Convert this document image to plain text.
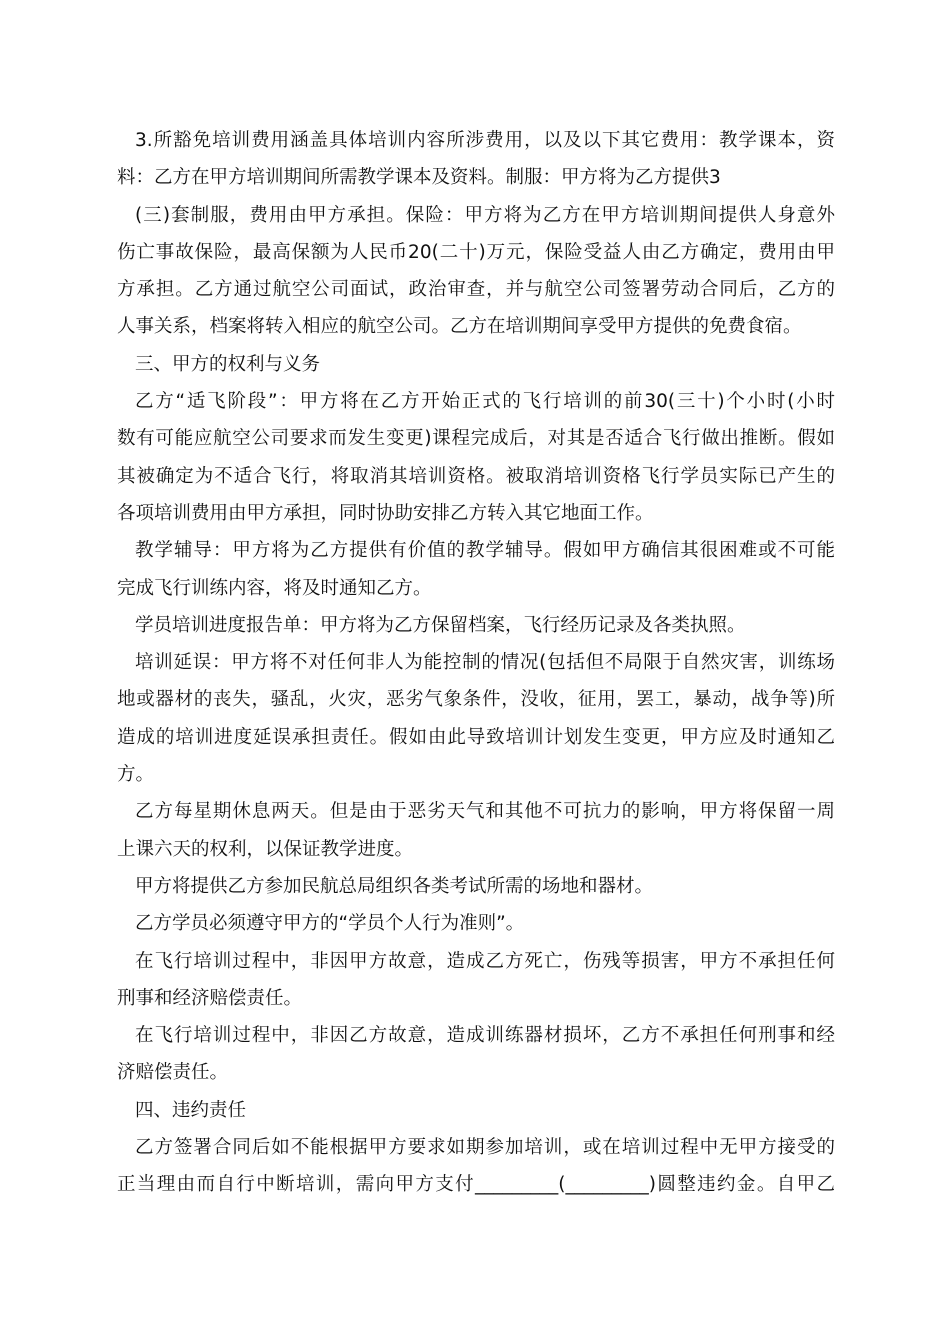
3.所豁免培训费用涵盖具体培训内容所涉费用，以及以下其它费用：教学课本，资
料：乙方在甲方培训期间所需教学课本及资料。制服：甲方将为乙方提供3
(三)套制服，费用由甲方承担。保险：甲方将为乙方在甲方培训期间提供人身意外
伤亡事故保险，最高保额为人民币20(二十)万元，保险受益人由乙方确定，费用由甲
方承担。乙方通过航空公司面试，政治审查，并与航空公司签署劳动合同后，乙方的
人事关系，档案将转入相应的航空公司。乙方在培训期间享受甲方提供的免费食宿。
三、甲方的权利与义务
乙方“适飞阶段”：甲方将在乙方开始正式的飞行培训的前30(三十)个小时(小时
数有可能应航空公司要求而发生变更)课程完成后，对其是否适合飞行做出推断。假如
其被确定为不适合飞行，将取消其培训资格。被取消培训资格飞行学员实际已产生的
各项培训费用由甲方承担，同时协助安排乙方转入其它地面工作。
教学辅导：甲方将为乙方提供有价值的教学辅导。假如甲方确信其很困难或不可能
完成飞行训练内容，将及时通知乙方。
学员培训进度报告单：甲方将为乙方保留档案，飞行经历记录及各类执照。
培训延误：甲方将不对任何非人为能控制的情况(包括但不局限于自然灾害，训练场
地或器材的丧失，骚乱，火灾，恶劣气象条件，没收，征用，罢工，暴动，战争等)所
造成的培训进度延误承担责任。假如由此导致培训计划发生变更，甲方应及时通知乙
方。
乙方每星期休息两天。但是由于恶劣天气和其他不可抗力的影响，甲方将保留一周
上课六天的权利，以保证教学进度。
甲方将提供乙方参加民航总局组织各类考试所需的场地和器材。
乙方学员必须遵守甲方的“学员个人行为准则”。
在飞行培训过程中，非因甲方故意，造成乙方死亡，伤残等损害，甲方不承担任何
刑事和经济赔偿责任。
在飞行培训过程中，非因乙方故意，造成训练器材损坏，乙方不承担任何刑事和经
济赔偿责任。
四、违约责任
乙方签署合同后如不能根据甲方要求如期参加培训，或在培训过程中无甲方接受的
正当理由而自行中断培训，需向甲方支付_________(_________)圆整违约金。自甲乙
